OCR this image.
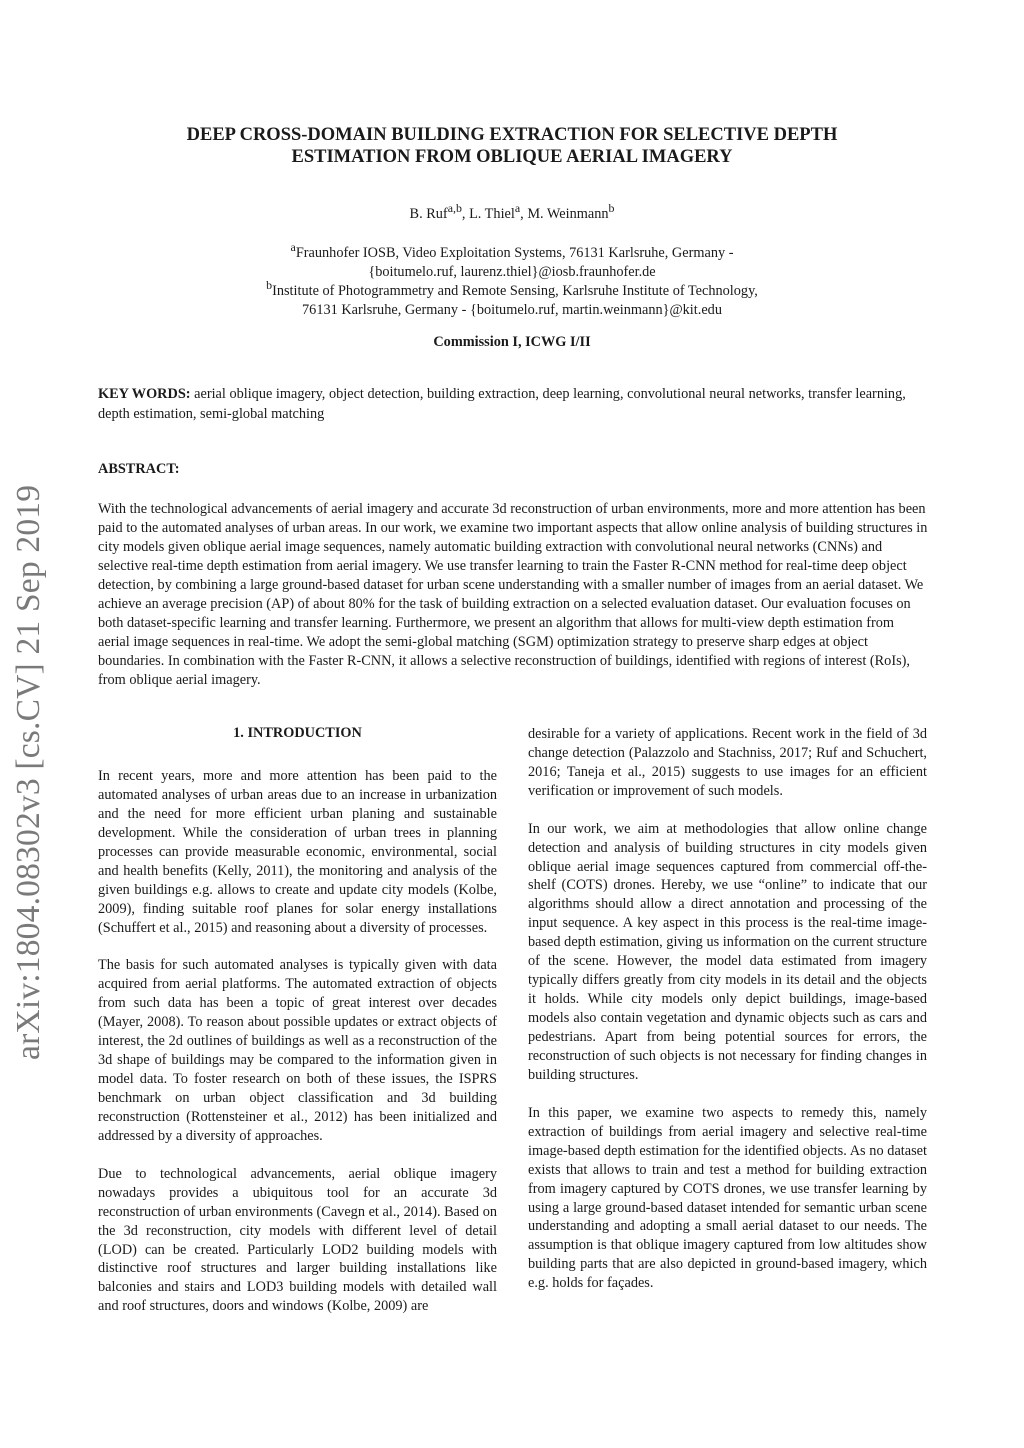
arXiv:1804.08302v3 [cs.CV] 21 Sep 2019
DEEP CROSS-DOMAIN BUILDING EXTRACTION FOR SELECTIVE DEPTH
ESTIMATION FROM OBLIQUE AERIAL IMAGERY
B. Ruf$^{a,b}$, L. Thiel$^a$, M. Weinmann$^b$
$^a$Fraunhofer IOSB, Video Exploitation Systems, 76131 Karlsruhe, Germany -
{boitumelo.ruf, laurenz.thiel}@iosb.fraunhofer.de
$^b$Institute of Photogrammetry and Remote Sensing, Karlsruhe Institute of Technology,
76131 Karlsruhe, Germany - {boitumelo.ruf, martin.weinmann}@kit.edu
Commission I, ICWG I/II
KEY WORDS: aerial oblique imagery, object detection, building extraction, deep learning, convolutional neural networks, transfer learning, depth estimation, semi-global matching
ABSTRACT:
With the technological advancements of aerial imagery and accurate 3d reconstruction of urban environments, more and more attention has been paid to the automated analyses of urban areas. In our work, we examine two important aspects that allow online analysis of building structures in city models given oblique aerial image sequences, namely automatic building extraction with convolutional neural networks (CNNs) and selective real-time depth estimation from aerial imagery. We use transfer learning to train the Faster R-CNN method for real-time deep object detection, by combining a large ground-based dataset for urban scene understanding with a smaller number of images from an aerial dataset. We achieve an average precision (AP) of about 80% for the task of building extraction on a selected evaluation dataset. Our evaluation focuses on both dataset-specific learning and transfer learning. Furthermore, we present an algorithm that allows for multi-view depth estimation from aerial image sequences in real-time. We adopt the semi-global matching (SGM) optimization strategy to preserve sharp edges at object boundaries. In combination with the Faster R-CNN, it allows a selective reconstruction of buildings, identified with regions of interest (RoIs), from oblique aerial imagery.
1. INTRODUCTION

In recent years, more and more attention has been paid to the automated analyses of urban areas due to an increase in urbanization and the need for more efficient urban planing and sustainable development. While the consideration of urban trees in planning processes can provide measurable economic, environmental, social and health benefits (Kelly, 2011), the monitoring and analysis of the given buildings e.g. allows to create and update city models (Kolbe, 2009), finding suitable roof planes for solar energy installations (Schuffert et al., 2015) and reasoning about a diversity of processes.

The basis for such automated analyses is typically given with data acquired from aerial platforms. The automated extraction of objects from such data has been a topic of great interest over decades (Mayer, 2008). To reason about possible updates or extract objects of interest, the 2d outlines of buildings as well as a reconstruction of the 3d shape of buildings may be compared to the information given in model data. To foster research on both of these issues, the ISPRS benchmark on urban object classification and 3d building reconstruction (Rottensteiner et al., 2012) has been initialized and addressed by a diversity of approaches.

Due to technological advancements, aerial oblique imagery nowadays provides a ubiquitous tool for an accurate 3d reconstruction of urban environments (Cavegn et al., 2014). Based on the 3d reconstruction, city models with different level of detail (LOD) can be created. Particularly LOD2 building models with distinctive roof structures and larger building installations like balconies and stairs and LOD3 building models with detailed wall and roof structures, doors and windows (Kolbe, 2009) are

desirable for a variety of applications. Recent work in the field of 3d change detection (Palazzolo and Stachniss, 2017; Ruf and Schuchert, 2016; Taneja et al., 2015) suggests to use images for an efficient verification or improvement of such models.

In our work, we aim at methodologies that allow online change detection and analysis of building structures in city models given oblique aerial image sequences captured from commercial off-the-shelf (COTS) drones. Hereby, we use “online” to indicate that our algorithms should allow a direct annotation and processing of the input sequence. A key aspect in this process is the real-time image-based depth estimation, giving us information on the current structure of the scene. However, the model data estimated from imagery typically differs greatly from city models in its detail and the objects it holds. While city models only depict buildings, image-based models also contain vegetation and dynamic objects such as cars and pedestrians. Apart from being potential sources for errors, the reconstruction of such objects is not necessary for finding changes in building structures.

In this paper, we examine two aspects to remedy this, namely extraction of buildings from aerial imagery and selective real-time image-based depth estimation for the identified objects. As no dataset exists that allows to train and test a method for building extraction from imagery captured by COTS drones, we use transfer learning by using a large ground-based dataset intended for semantic urban scene understanding and adopting a small aerial dataset to our needs. The assumption is that oblique imagery captured from low altitudes show building parts that are also depicted in ground-based imagery, which e.g. holds for façades.
